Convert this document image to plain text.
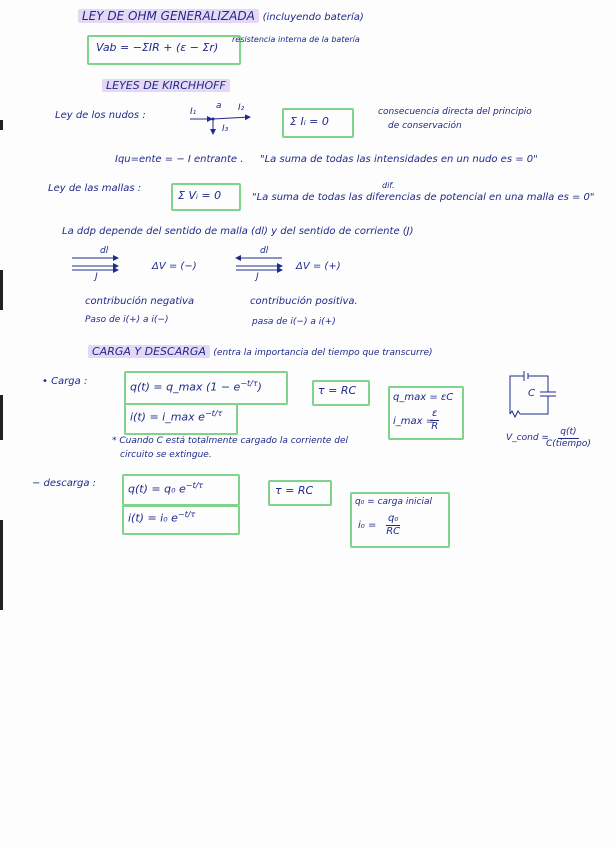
LEY DE OHM GENERALIZADA (incluyendo batería)
Vab = −ΣIR + (ε − Σr)
resistencia interna de la batería
LEYES DE KIRCHHOFF
Ley de los nudos :	I₁
a I₂
I₃
Σ Iᵢ = 0
consecuencia directa del principio
de conservación
Iqu=ente = − I entrante . "La suma de todas las intensidades en un nudo es = 0"
Ley de las mallas :
Σ Vᵢ = 0
dif.
"La suma de todas las diferencias de potencial en una malla es = 0"
La ddp depende del sentido de malla (dl) y del sentido de corriente (J)
dl
J
ΔV = (−)
contribución negativa
Paso de i(+) a i(−)
dl
J
ΔV = (+)
contribución positiva.
pasa de i(−) a i(+)
CARGA Y DESCARGA (entra la importancia del tiempo que transcurre)
• Carga :	q(t) = q_max $(1 - e^{-t/\tau})$
i(t) = i_max $e^{-t/\tau}$
τ = RC
q_max = εC
i_max =
$\frac{\varepsilon}{R}$
C
V_cond =
q(t)
C(tiempo)
* Cuando C está totalmente cargado la corriente del
circuito se extingue.
− descarga :	q(t) = q₀ $e^{-t/\tau}$
i(t) = i₀ $e^{-t/\tau}$
τ = RC
q₀ = carga inicial
$i_0 = \frac{\text{q₀}}{RC}$
